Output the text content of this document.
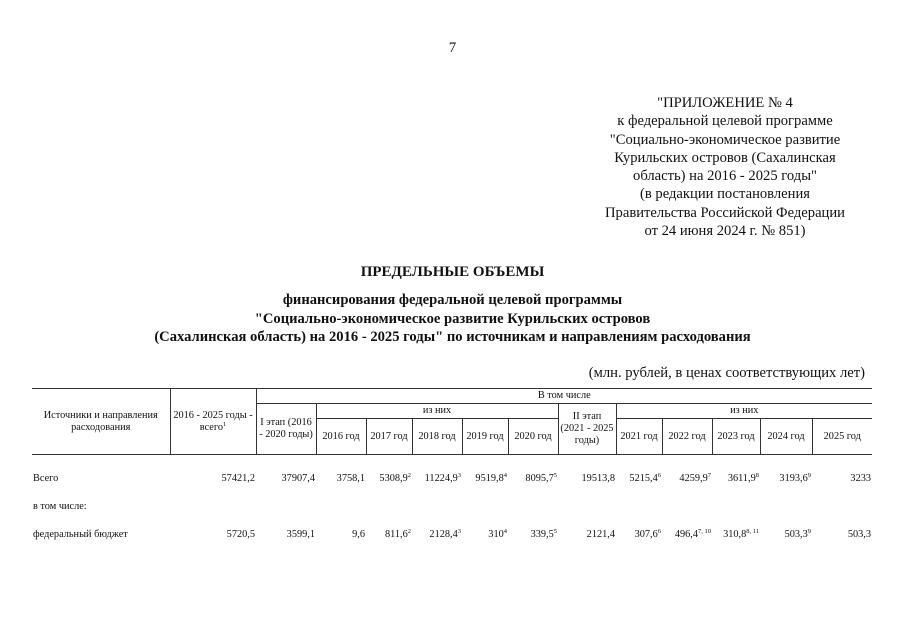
7
"ПРИЛОЖЕНИЕ № 4
к федеральной целевой программе
"Социально-экономическое развитие
Курильских островов (Сахалинская
область) на 2016 - 2025 годы"
(в редакции постановления
Правительства Российской Федерации
от 24 июня 2024 г. № 851)
ПРЕДЕЛЬНЫЕ ОБЪЕМЫ
финансирования федеральной целевой программы
"Социально-экономическое развитие Курильских островов
(Сахалинская область) на 2016 - 2025 годы" по источникам и направлениям расходования
(млн. рублей, в ценах соответствующих лет)
Источники и направления расходования	2016 - 2025 годы - всего$^1$	В том числе											
		I этап (2016 - 2020 годы)	из них					II этап (2021 - 2025 годы)	из них				
			2016 год	2017 год	2018 год	2019 год	2020 год		2021 год	2022 год	2023 год	2024 год	2025 год
Всего	57421,2	37907,4	3758,1	5308,9$^2$	11224,9$^3$	9519,8$^4$	8095,7$^5$	19513,8	5215,4$^6$	4259,9$^7$	3611,9$^8$	3193,6$^9$	3233
в том числе:													
федеральный бюджет	5720,5	3599,1	9,6	811,6$^2$	2128,4$^3$	$310^4$	339,5$^5$	2121,4	307,6$^6$	496,4$^{7, 10}$	310,8$^{8, 11}$	503,3$^9$	503,3
